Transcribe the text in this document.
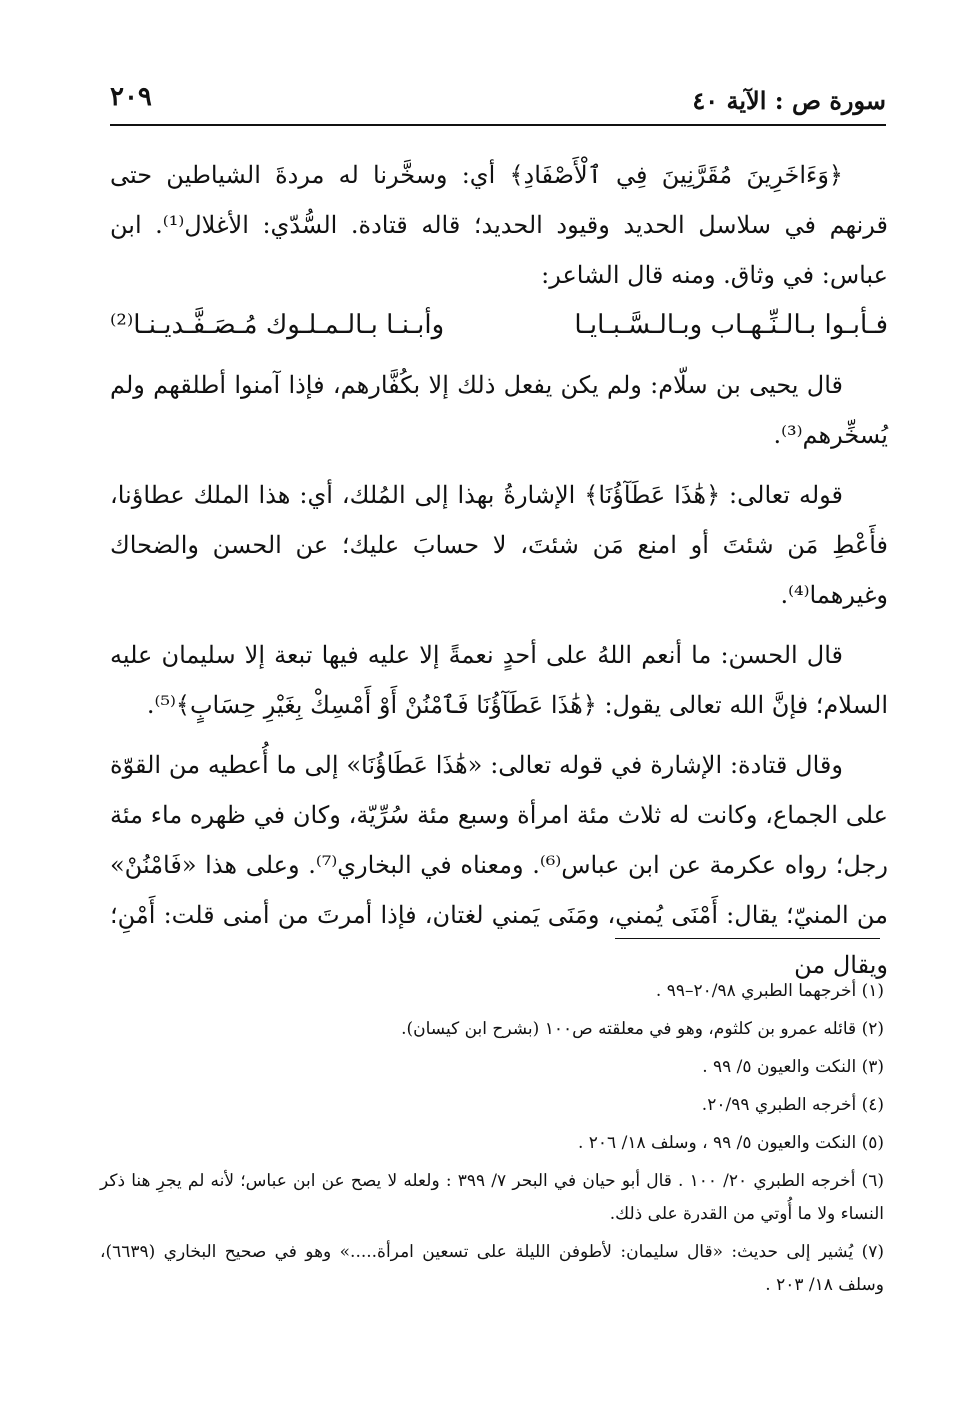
سورة ص : الآية ٤٠
٢٠٩

﴿وَءَاخَرِينَ مُقَرَّنِينَ فِي ٱلْأَصْفَادِ﴾ أي: وسخَّرنا له مردةَ الشياطين حتى قرنهم في سلاسل الحديد وقيود الحديد؛ قاله قتادة. السُّدّي: الأغلال⁽¹⁾. ابن عباس: في وثاق. ومنه قال الشاعر:

فـأبـوا بـالـنِّـهـاب وبـالـسَّـبـايـا
وأبـنـا بـالـمـلـوك مُـصَـفَّـديـنـا⁽²⁾

قال يحيى بن سلّام: ولم يكن يفعل ذلك إلا بكُفَّارهم، فإذا آمنوا أطلقهم ولم يُسخِّرهم⁽³⁾.

قوله تعالى: ﴿هَٰذَا عَطَآؤُنَا﴾ الإشارةُ بهذا إلى المُلك، أي: هذا الملك عطاؤنا، فأَعْطِ مَن شئتَ أو امنع مَن شئتَ، لا حسابَ عليك؛ عن الحسن والضحاك وغيرهما⁽⁴⁾.

قال الحسن: ما أنعم اللهُ على أحدٍ نعمةً إلا عليه فيها تبعة إلا سليمان عليه السلام؛ فإنَّ الله تعالى يقول: ﴿هَٰذَا عَطَآؤُنَا فَٱمْنُنْ أَوْ أَمْسِكْ بِغَيْرِ حِسَابٍ﴾⁽⁵⁾.

وقال قتادة: الإشارة في قوله تعالى: «هَٰذَا عَطَاؤُنَا» إلى ما أُعطيه من القوّة على الجماع، وكانت له ثلاث مئة امرأة وسبع مئة سُرِّيّة، وكان في ظهره ماء مئة رجل؛ رواه عكرمة عن ابن عباس⁽⁶⁾. ومعناه في البخاري⁽⁷⁾. وعلى هذا «فَامْنُنْ» من المنيّ؛ يقال: أَمْنَى يُمني، ومَنَى يَمني لغتان، فإذا أمرتَ من أمنى قلت: أَمْنِ؛ ويقال من

(١) أخرجهما الطبري ٢٠/٩٨–٩٩ .

(٢) قائله عمرو بن كلثوم، وهو في معلقته ص١٠٠ (بشرح ابن كيسان).

(٣) النكت والعيون ٥/ ٩٩ .

(٤) أخرجه الطبري ٢٠/٩٩.

(٥) النكت والعيون ٥/ ٩٩ ، وسلف ١٨/ ٢٠٦ .

(٦) أخرجه الطبري ٢٠/ ١٠٠ . قال أبو حيان في البحر ٧/ ٣٩٩ : ولعله لا يصح عن ابن عباس؛ لأنه لم يجرِ هنا ذكر النساء ولا ما أُوتي من القدرة على ذلك.

(٧) يُشير إلى حديث: «قال سليمان: لأطوفن الليلة على تسعين امرأة.....» وهو في صحيح البخاري (٦٦٣٩)، وسلف ١٨/ ٢٠٣ .
